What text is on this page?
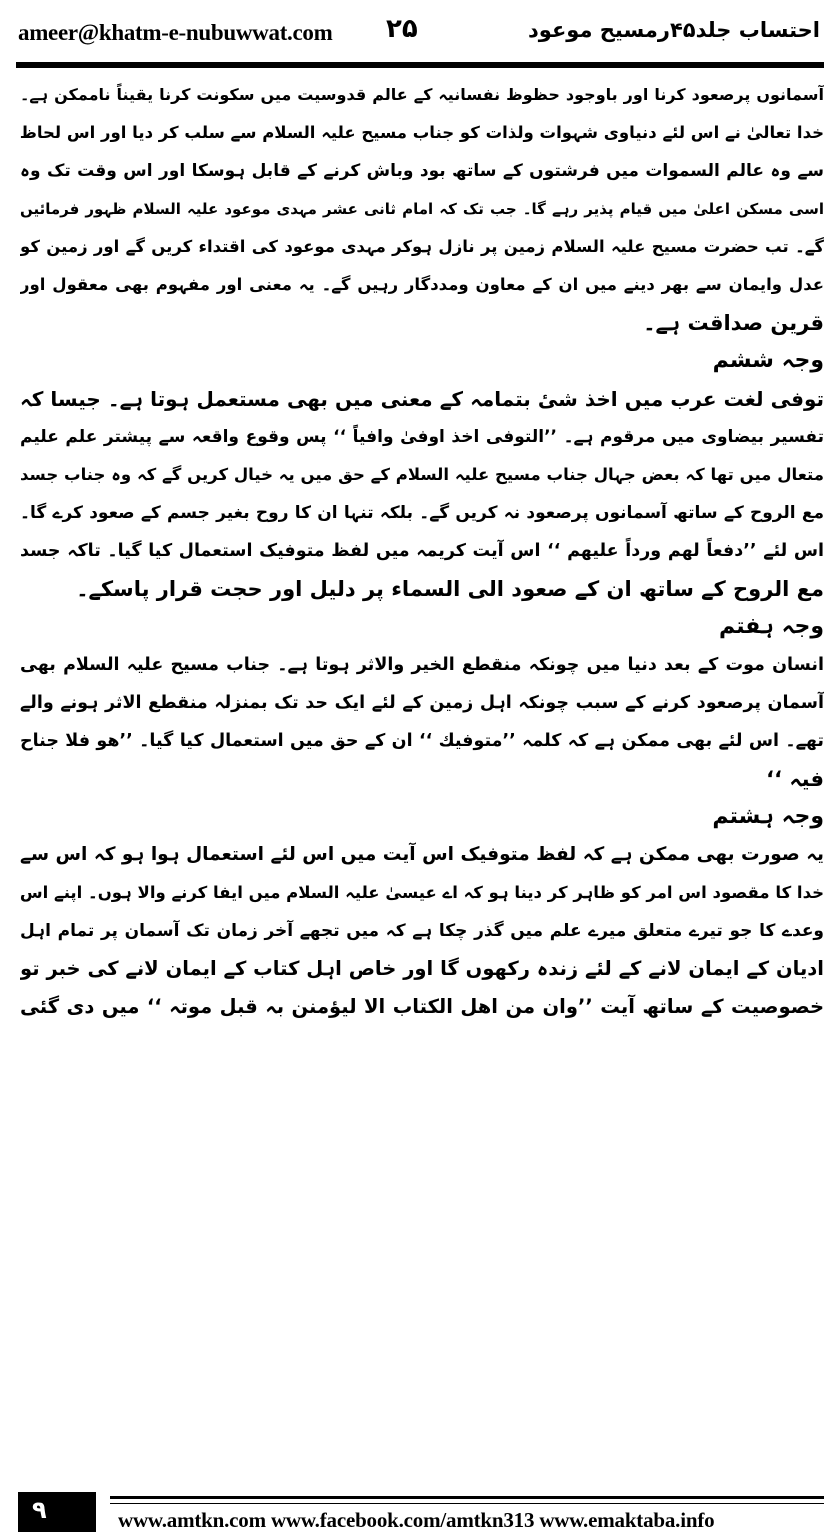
ameer@khatm-e-nubuwwat.com ۲۵	احتساب جلد۴۵رمسیح موعود
آسمانوں پرصعود کرنا اور باوجود حظوظ نفسانیہ کے عالم قدوسیت میں سکونت کرنا یقیناً ناممکن ہے۔
خدا تعالیٰ نے اس لئے دنیاوی شہوات ولذات کو جناب مسیح علیہ السلام سے سلب کر دیا اور اس لحاظ
سے وہ عالم السموات میں فرشتوں کے ساتھ بود وباش کرنے کے قابل ہوسکا اور اس وقت تک وہ
اسی مسکن اعلیٰ میں قیام پذیر رہے گا۔ جب تک کہ امام ثانی عشر مہدی موعود علیہ السلام ظہور فرمائیں
گے۔ تب حضرت مسیح علیہ السلام زمین پر نازل ہوکر مہدی موعود کی اقتداء کریں گے اور زمین کو
عدل وایمان سے بھر دینے میں ان کے معاون ومددگار رہیں گے۔ یہ معنی اور مفہوم بھی معقول اور
قرین صداقت ہے۔
وجہ ششم
توفی لغت عرب میں اخذ شیٔ بتمامہ کے معنی میں بھی مستعمل ہوتا ہے۔ جیسا کہ
تفسیر بیضاوی میں مرقوم ہے۔ ’’التوفی اخذ اوفیٰ وافیاً ‘‘ پس وقوع واقعہ سے پیشتر علم علیم
متعال میں تھا کہ بعض جہال جناب مسیح علیہ السلام کے حق میں یہ خیال کریں گے کہ وہ جناب جسد
مع الروح کے ساتھ آسمانوں پرصعود نہ کریں گے۔ بلکہ تنہا ان کا روح بغیر جسم کے صعود کرے گا۔
اس لئے ’’دفعاً لھم ورداً علیھم ‘‘ اس آیت کریمہ میں لفظ متوفیک استعمال کیا گیا۔ تاکہ جسد
مع الروح کے ساتھ ان کے صعود الی السماء پر دلیل اور حجت قرار پاسکے۔
وجہ ہفتم
انسان موت کے بعد دنیا میں چونکہ منقطع الخیر والاثر ہوتا ہے۔ جناب مسیح علیہ السلام بھی
آسمان پرصعود کرنے کے سبب چونکہ اہل زمین کے لئے ایک حد تک بمنزلہ منقطع الاثر ہونے والے
تھے۔ اس لئے بھی ممکن ہے کہ کلمہ ’’متوفیك ‘‘ ان کے حق میں استعمال کیا گیا۔ ’’ھو فلا جناح
فیہ ‘‘
وجہ ہشتم
یہ صورت بھی ممکن ہے کہ لفظ متوفیک اس آیت میں اس لئے استعمال ہوا ہو کہ اس سے
خدا کا مقصود اس امر کو ظاہر کر دینا ہو کہ اے عیسیٰ علیہ السلام میں ایفا کرنے والا ہوں۔ اپنے اس
وعدے کا جو تیرے متعلق میرے علم میں گذر چکا ہے کہ میں تجھے آخر زمان تک آسمان پر تمام اہل
ادیان کے ایمان لانے کے لئے زندہ رکھوں گا اور خاص اہل کتاب کے ایمان لانے کی خبر تو
خصوصیت کے ساتھ آیت ’’وان من اھل الکتاب الا لیؤمنن بہ قبل موتہ ‘‘ میں دی گئی
۹	www.amtkn.com www.facebook.com/amtkn313 www.emaktaba.info
